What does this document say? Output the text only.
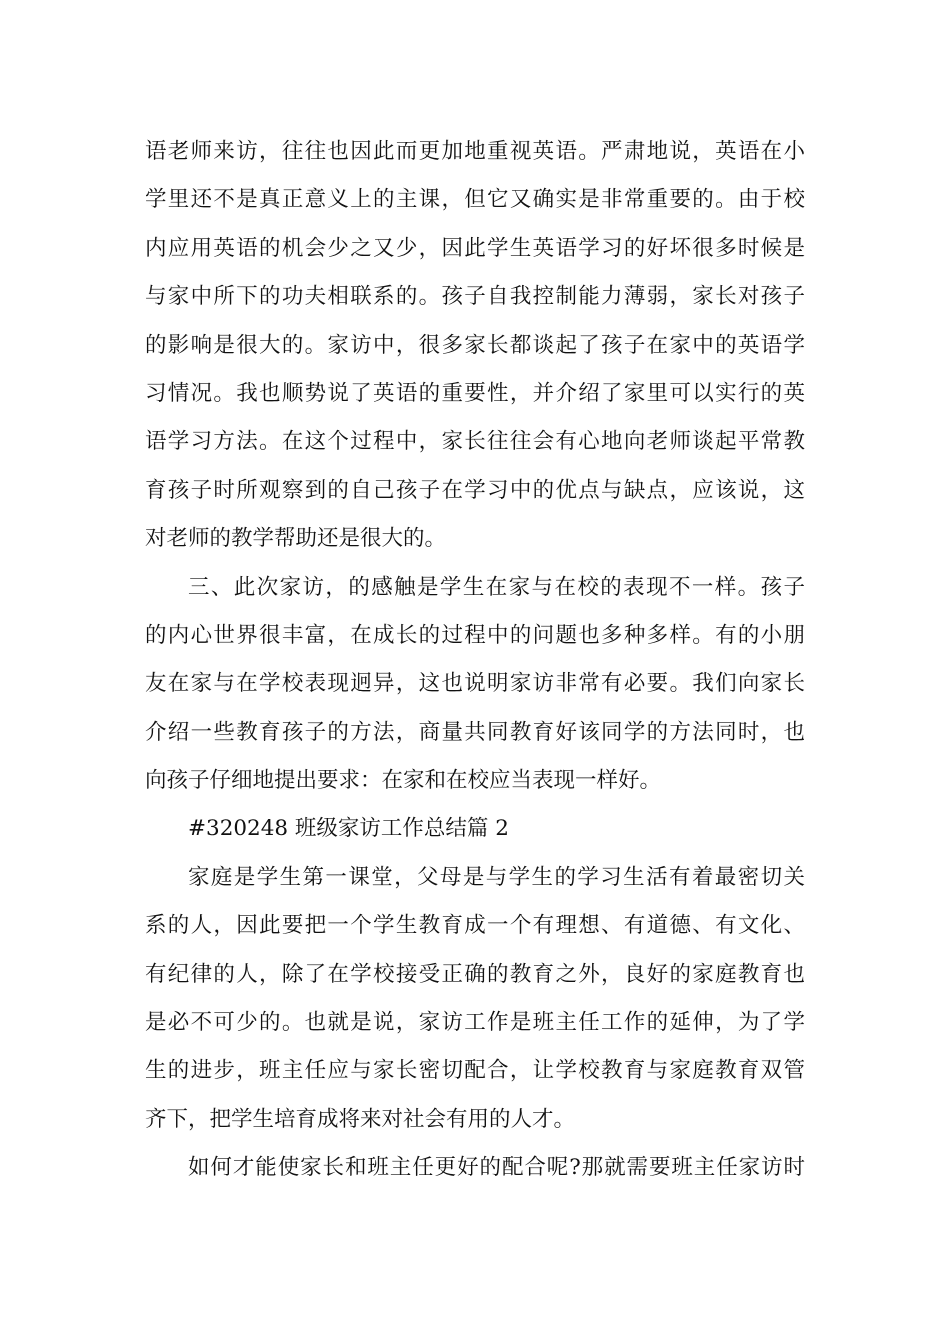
语老师来访，往往也因此而更加地重视英语。严肃地说，英语在小
学里还不是真正意义上的主课，但它又确实是非常重要的。由于校
内应用英语的机会少之又少，因此学生英语学习的好坏很多时候是
与家中所下的功夫相联系的。孩子自我控制能力薄弱，家长对孩子
的影响是很大的。家访中，很多家长都谈起了孩子在家中的英语学
习情况。我也顺势说了英语的重要性，并介绍了家里可以实行的英
语学习方法。在这个过程中，家长往往会有心地向老师谈起平常教
育孩子时所观察到的自己孩子在学习中的优点与缺点，应该说，这
对老师的教学帮助还是很大的。
三、此次家访，的感触是学生在家与在校的表现不一样。孩子
的内心世界很丰富，在成长的过程中的问题也多种多样。有的小朋
友在家与在学校表现迥异，这也说明家访非常有必要。我们向家长
介绍一些教育孩子的方法，商量共同教育好该同学的方法同时，也
向孩子仔细地提出要求：在家和在校应当表现一样好。
#320248 班级家访工作总结篇 2
家庭是学生第一课堂，父母是与学生的学习生活有着最密切关
系的人，因此要把一个学生教育成一个有理想、有道德、有文化、
有纪律的人，除了在学校接受正确的教育之外，良好的家庭教育也
是必不可少的。也就是说，家访工作是班主任工作的延伸，为了学
生的进步，班主任应与家长密切配合，让学校教育与家庭教育双管
齐下，把学生培育成将来对社会有用的人才。
如何才能使家长和班主任更好的配合呢?那就需要班主任家访时
